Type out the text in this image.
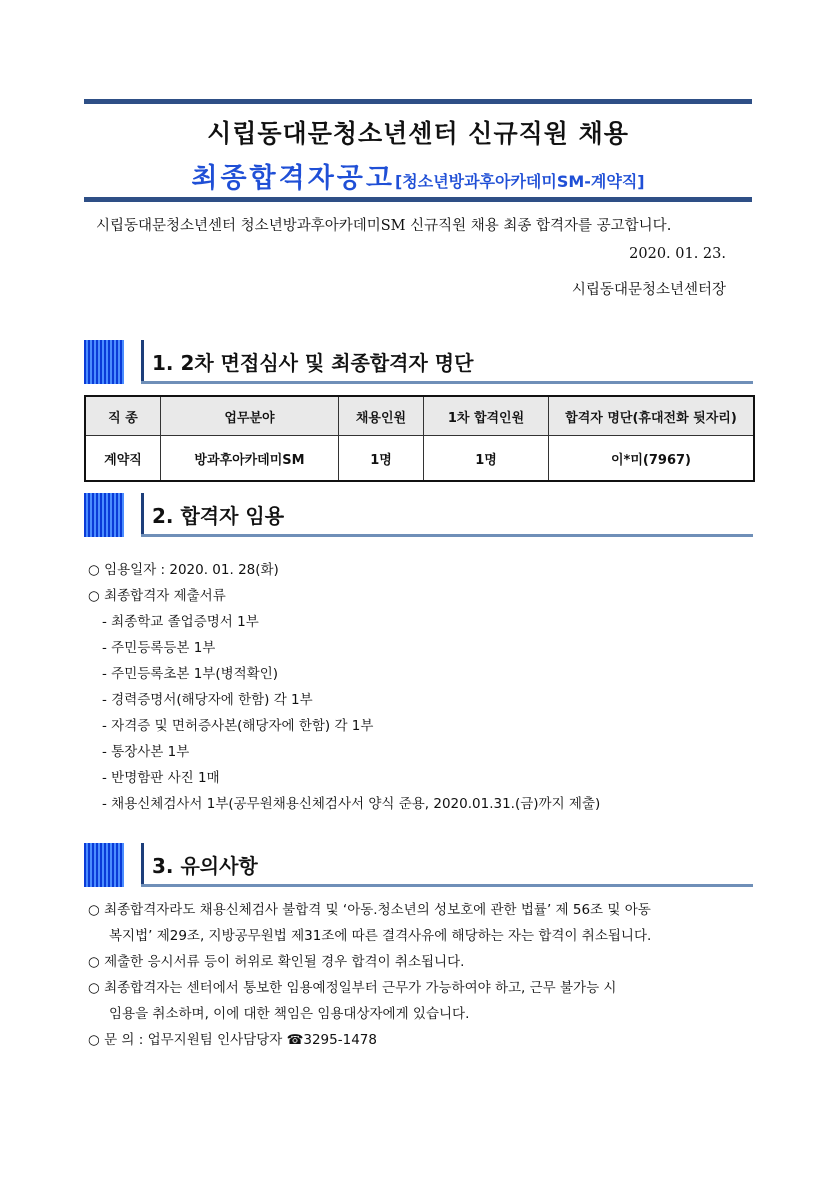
시립동대문청소년센터 신규직원 채용
최종합격자공고[청소년방과후아카데미SM-계약직]
시립동대문청소년센터 청소년방과후아카데미SM 신규직원 채용 최종 합격자를 공고합니다.
2020. 01. 23.
시립동대문청소년센터장
1. 2차 면접심사 및 최종합격자 명단
직 종	업무분야	채용인원	1차 합격인원	합격자 명단(휴대전화 뒷자리)
계약직	방과후아카데미SM	1명	1명	이*미(7967)
2. 합격자 임용
○ 임용일자 : 2020. 01. 28(화)
○ 최종합격자 제출서류
- 최종학교 졸업증명서 1부
- 주민등록등본 1부
- 주민등록초본 1부(병적확인)
- 경력증명서(해당자에 한함) 각 1부
- 자격증 및 면허증사본(해당자에 한함) 각 1부
- 통장사본 1부
- 반명함판 사진 1매
- 채용신체검사서 1부(공무원채용신체검사서 양식 준용, 2020.01.31.(금)까지 제출)
3. 유의사항
○ 최종합격자라도 채용신체검사 불합격 및 ‘아동.청소년의 성보호에 관한 법률’ 제 56조 및 아동
복지법’ 제29조, 지방공무원법 제31조에 따른 결격사유에 해당하는 자는 합격이 취소됩니다.
○ 제출한 응시서류 등이 허위로 확인될 경우 합격이 취소됩니다.
○ 최종합격자는 센터에서 통보한 임용예정일부터 근무가 가능하여야 하고, 근무 불가능 시
임용을 취소하며, 이에 대한 책임은 임용대상자에게 있습니다.
○ 문 의 : 업무지원팀 인사담당자 ☎3295-1478
